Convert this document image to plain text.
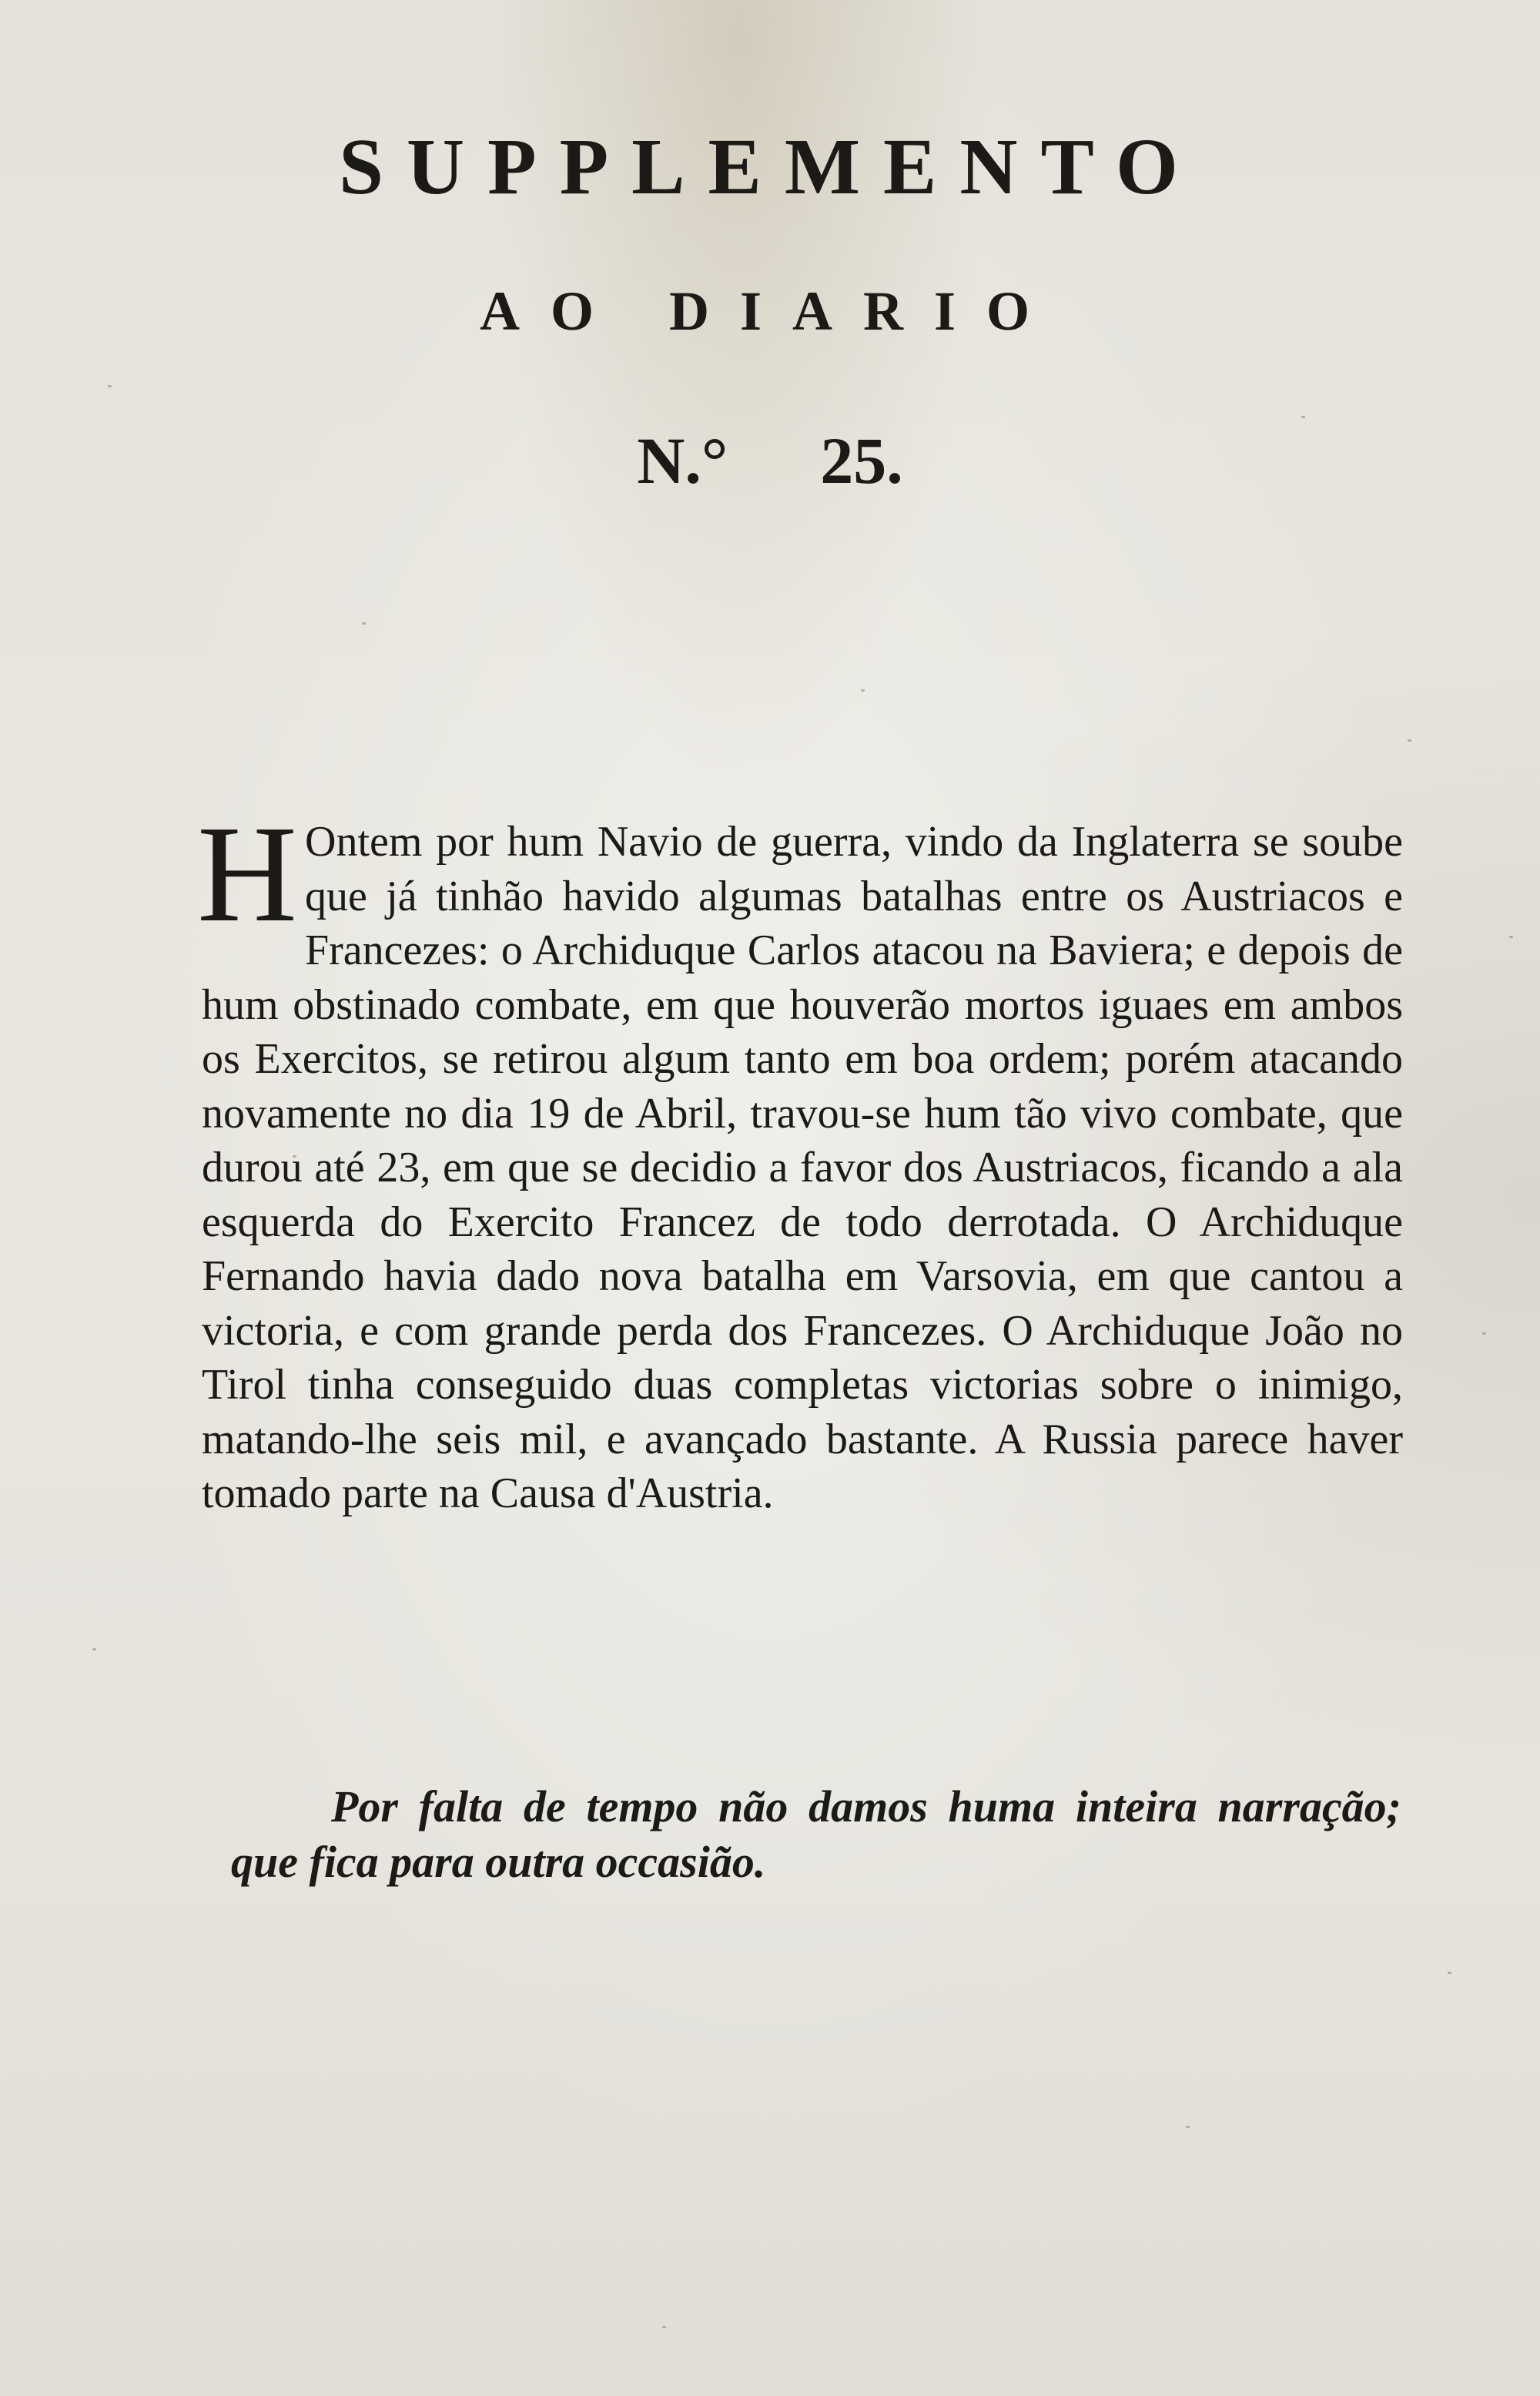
SUPPLEMENTO
AO DIARIO
N.° 25.

H Ontem por hum Navio de guerra, vindo da Inglaterra se soube que já tinhão havido algumas batalhas entre os Austriacos e Francezes: o Archiduque Carlos atacou na Baviera; e depois de hum obstinado combate, em que houverão mortos iguaes em ambos os Exercitos, se retirou algum tanto em boa ordem; porém atacando novamente no dia 19 de Abril, travou-se hum tão vivo combate, que durou até 23, em que se decidio a favor dos Austriacos, ficando a ala esquerda do Exercito Francez de todo derrotada. O Archiduque Fernando havia dado nova batalha em Varsovia, em que cantou a victoria, e com grande perda dos Francezes. O Archiduque João no Tirol tinha conseguido duas completas victorias sobre o inimigo, matando-lhe seis mil, e avançado bastante. A Russia parece haver tomado parte na Causa d'Austria.

Por falta de tempo não damos huma inteira narração; que fica para outra occasião.
